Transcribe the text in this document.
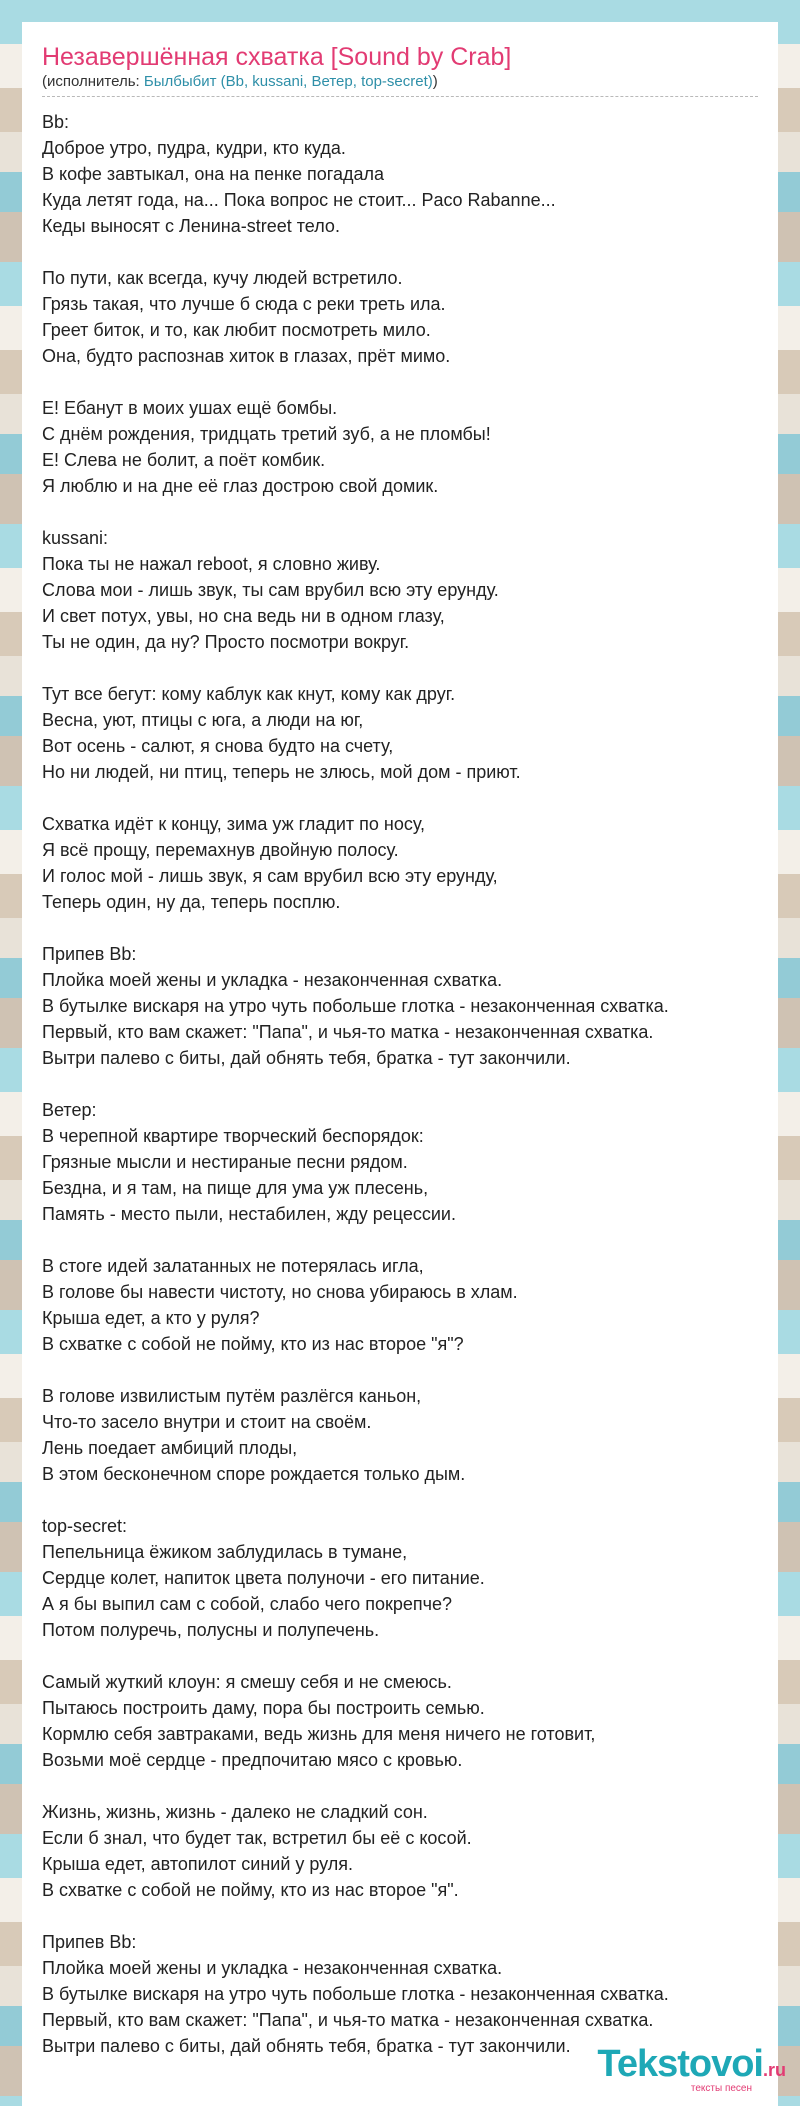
Незавершённая схватка [Sound by Crab]
(исполнитель: Былбыбит (Bb, kussani, Ветер, top-secret))
Bb:
Доброе утро, пудра, кудри, кто куда.
В кофе завтыкал, она на пенке погадала
Куда летят года, на... Пока вопрос не стоит... Paco Rabanne...
Кеды выносят с Ленина-street тело.

По пути, как всегда, кучу людей встретило.
Грязь такая, что лучше б сюда с реки треть ила.
Греет биток, и то, как любит посмотреть мило.
Она, будто распознав хиток в глазах, прёт мимо.

Е! Ебанут в моих ушах ещё бомбы.
С днём рождения, тридцать третий зуб, а не пломбы!
Е! Слева не болит, а поёт комбик.
Я люблю и на дне её глаз дострою свой домик.

kussani:
Пока ты не нажал reboot, я словно живу.
Слова мои - лишь звук, ты сам врубил всю эту ерунду.
И свет потух, увы, но сна ведь ни в одном глазу,
Ты не один, да ну? Просто посмотри вокруг.

Тут все бегут: кому каблук как кнут, кому как друг.
Весна, уют, птицы с юга, а люди на юг,
Вот осень - салют, я снова будто на счету,
Но ни людей, ни птиц, теперь не злюсь, мой дом - приют.

Схватка идёт к концу, зима уж гладит по носу,
Я всё прощу, перемахнув двойную полосу.
И голос мой - лишь звук, я сам врубил всю эту ерунду,
Теперь один, ну да, теперь посплю.

Припев Bb:
Плойка моей жены и укладка - незаконченная схватка.
В бутылке вискаря на утро чуть побольше глотка - незаконченная схватка.
Первый, кто вам скажет: "Папа", и чья-то матка - незаконченная схватка.
Вытри палево с биты, дай обнять тебя, братка - тут закончили.

Ветер:
В черепной квартире творческий беспорядок:
Грязные мысли и нестираные песни рядом.
Бездна, и я там, на пище для ума уж плесень,
Память - место пыли, нестабилен, жду рецессии.

В стоге идей залатанных не потерялась игла,
В голове бы навести чистоту, но снова убираюсь в хлам.
Крыша едет, а кто у руля?
В схватке с собой не пойму, кто из нас второе "я"?

В голове извилистым путём разлёгся каньон,
Что-то засело внутри и стоит на своём.
Лень поедает амбиций плоды,
В этом бесконечном споре рождается только дым.

top-secret:
Пепельница ёжиком заблудилась в тумане,
Сердце колет, напиток цвета полуночи - его питание.
А я бы выпил сам с собой, слабо чего покрепче?
Потом полуречь, полусны и полупечень.

Самый жуткий клоун: я смешу себя и не смеюсь.
Пытаюсь построить даму, пора бы построить семью.
Кормлю себя завтраками, ведь жизнь для меня ничего не готовит,
Возьми моё сердце - предпочитаю мясо с кровью.

Жизнь, жизнь, жизнь - далеко не сладкий сон.
Если б знал, что будет так, встретил бы её с косой.
Крыша едет, автопилот синий у руля.
В схватке с собой не пойму, кто из нас второе "я".

Припев Bb:
Плойка моей жены и укладка - незаконченная схватка.
В бутылке вискаря на утро чуть побольше глотка - незаконченная схватка.
Первый, кто вам скажет: "Папа", и чья-то матка - незаконченная схватка.
Вытри палево с биты, дай обнять тебя, братка - тут закончили. Tekstovoi.ru
тексты песен
